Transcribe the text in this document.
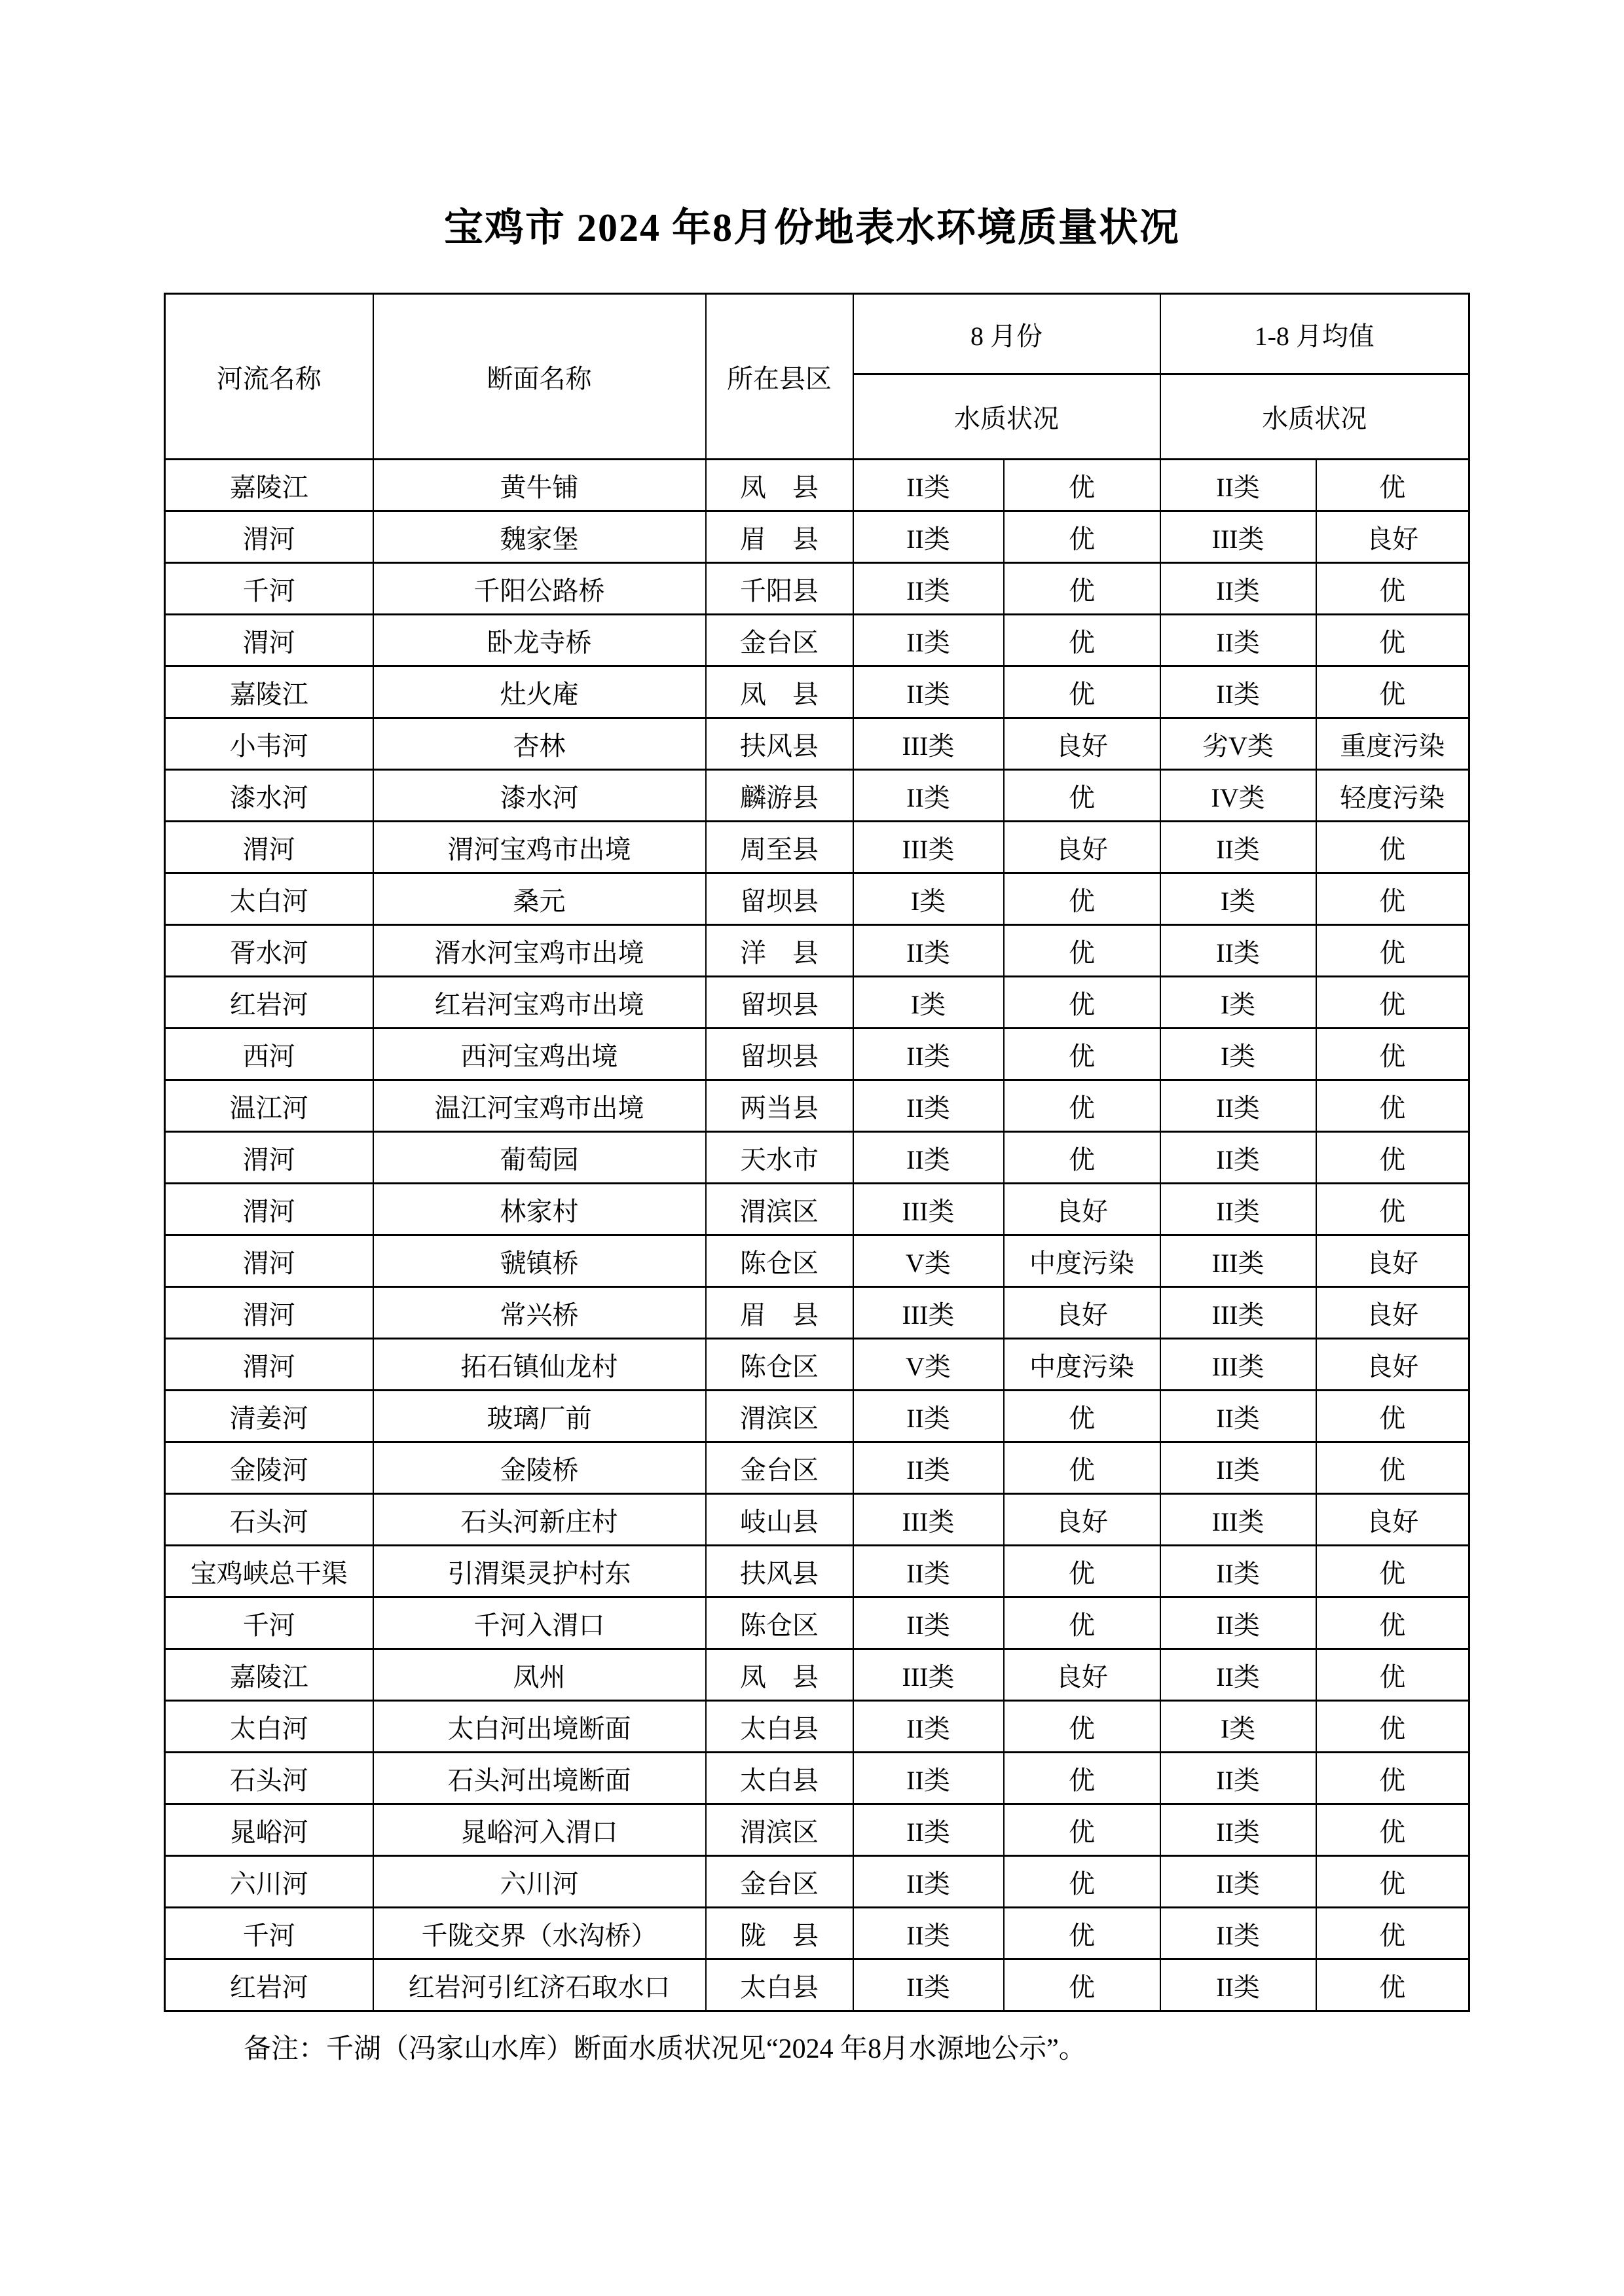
宝鸡市 2024 年8月份地表水环境质量状况
河流名称	断面名称	所在县区	8 月份		1-8 月均值	
			水质状况		水质状况	
嘉陵江	黄牛铺	凤　县	II类	优	II类	优
渭河	魏家堡	眉　县	II类	优	III类	良好
千河	千阳公路桥	千阳县	II类	优	II类	优
渭河	卧龙寺桥	金台区	II类	优	II类	优
嘉陵江	灶火庵	凤　县	II类	优	II类	优
小韦河	杏林	扶风县	III类	良好	劣V类	重度污染
漆水河	漆水河	麟游县	II类	优	IV类	轻度污染
渭河	渭河宝鸡市出境	周至县	III类	良好	II类	优
太白河	桑元	留坝县	I类	优	I类	优
胥水河	湑水河宝鸡市出境	洋　县	II类	优	II类	优
红岩河	红岩河宝鸡市出境	留坝县	I类	优	I类	优
西河	西河宝鸡出境	留坝县	II类	优	I类	优
温江河	温江河宝鸡市出境	两当县	II类	优	II类	优
渭河	葡萄园	天水市	II类	优	II类	优
渭河	林家村	渭滨区	III类	良好	II类	优
渭河	虢镇桥	陈仓区	V类	中度污染	III类	良好
渭河	常兴桥	眉　县	III类	良好	III类	良好
渭河	拓石镇仙龙村	陈仓区	V类	中度污染	III类	良好
清姜河	玻璃厂前	渭滨区	II类	优	II类	优
金陵河	金陵桥	金台区	II类	优	II类	优
石头河	石头河新庄村	岐山县	III类	良好	III类	良好
宝鸡峡总干渠	引渭渠灵护村东	扶风县	II类	优	II类	优
千河	千河入渭口	陈仓区	II类	优	II类	优
嘉陵江	凤州	凤　县	III类	良好	II类	优
太白河	太白河出境断面	太白县	II类	优	I类	优
石头河	石头河出境断面	太白县	II类	优	II类	优
晁峪河	晁峪河入渭口	渭滨区	II类	优	II类	优
六川河	六川河	金台区	II类	优	II类	优
千河	千陇交界（水沟桥）	陇　县	II类	优	II类	优
红岩河	红岩河引红济石取水口	太白县	II类	优	II类	优
备注：千湖（冯家山水库）断面水质状况见“2024 年8月水源地公示”。
